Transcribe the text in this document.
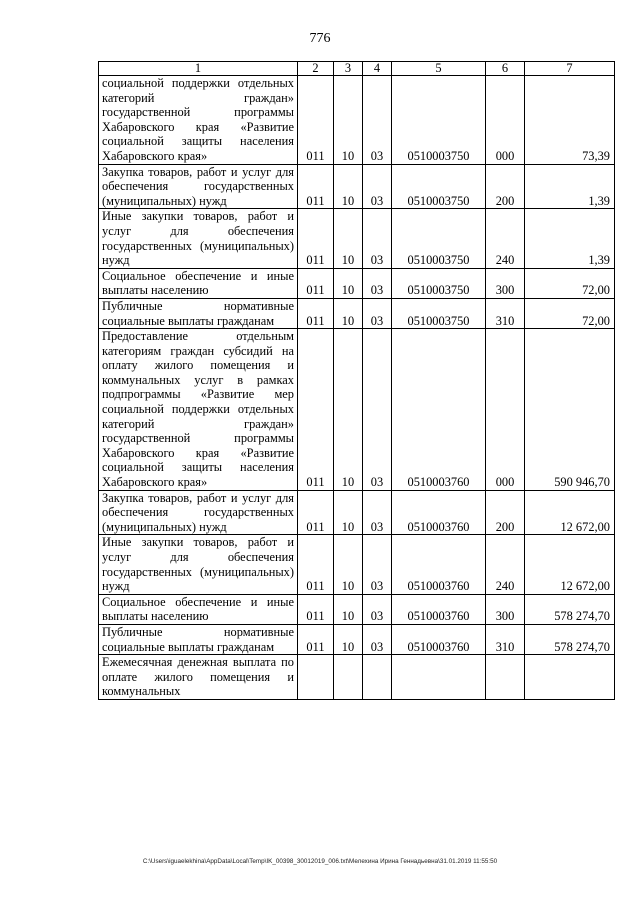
776
1	2	3	4	5	6	7
социальной поддержки отдельных категорий граждан» государственной программы Хабаровского края «Развитие социальной защиты населения Хабаровского края»	011	10	03	0510003750	000	73,39
Закупка товаров, работ и услуг для обеспечения государственных (муниципальных) нужд	011	10	03	0510003750	200	1,39
Иные закупки товаров, работ и услуг для обеспечения государственных (муниципальных) нужд	011	10	03	0510003750	240	1,39
Социальное обеспечение и иные выплаты населению	011	10	03	0510003750	300	72,00
Публичные нормативные социальные выплаты гражданам	011	10	03	0510003750	310	72,00
Предоставление отдельным категориям граждан субсидий на оплату жилого помещения и коммунальных услуг в рамках подпрограммы «Развитие мер социальной поддержки отдельных категорий граждан» государственной программы Хабаровского края «Развитие социальной защиты населения Хабаровского края»	011	10	03	0510003760	000	590 946,70
Закупка товаров, работ и услуг для обеспечения государственных (муниципальных) нужд	011	10	03	0510003760	200	12 672,00
Иные закупки товаров, работ и услуг для обеспечения государственных (муниципальных) нужд	011	10	03	0510003760	240	12 672,00
Социальное обеспечение и иные выплаты населению	011	10	03	0510003760	300	578 274,70
Публичные нормативные социальные выплаты гражданам	011	10	03	0510003760	310	578 274,70
Ежемесячная денежная выплата по оплате жилого помещения и коммунальных						
C:\Users\iguaelekhina\AppData\Local\Temp\IK_00398_30012019_006.txt\Мелехина Ирина Геннадьевна\31.01.2019 11:55:50
